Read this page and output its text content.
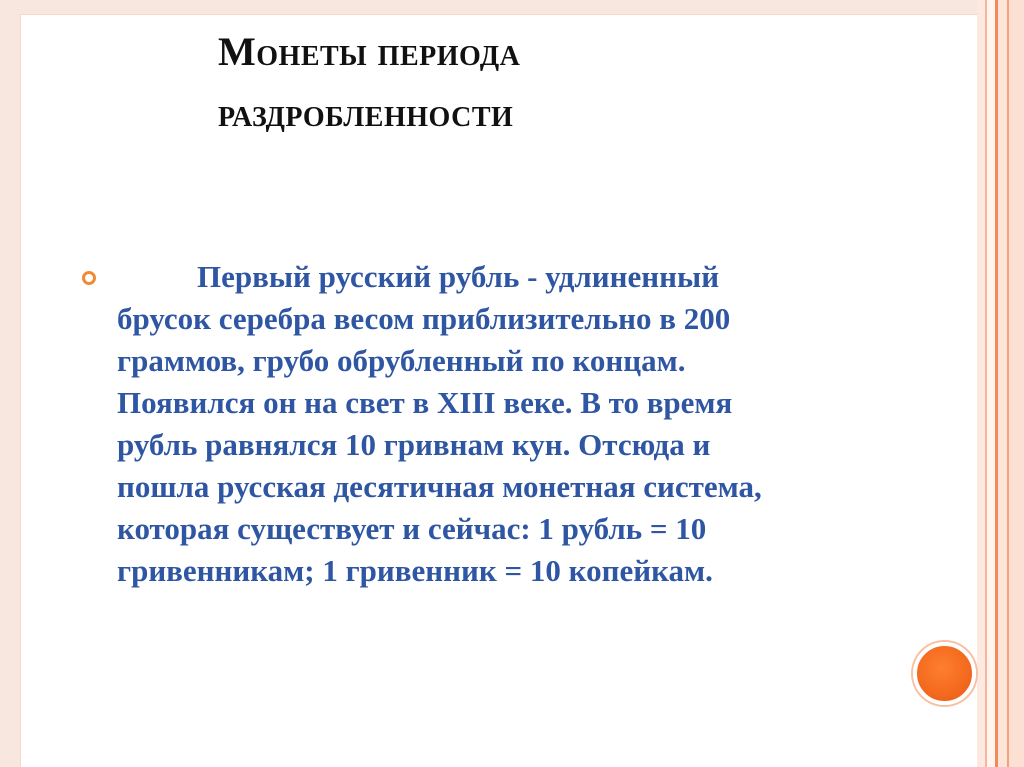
Монеты периода
раздробленности
Первый русский рубль - удлиненный
брусок серебра весом приблизительно в 200
граммов, грубо обрубленный по концам.
Появился он на свет в XIII веке. В то время
рубль равнялся 10 гривнам кун. Отсюда и
пошла русская десятичная монетная система,
которая существует и сейчас: 1 рубль = 10
гривенникам; 1 гривенник = 10 копейкам.
